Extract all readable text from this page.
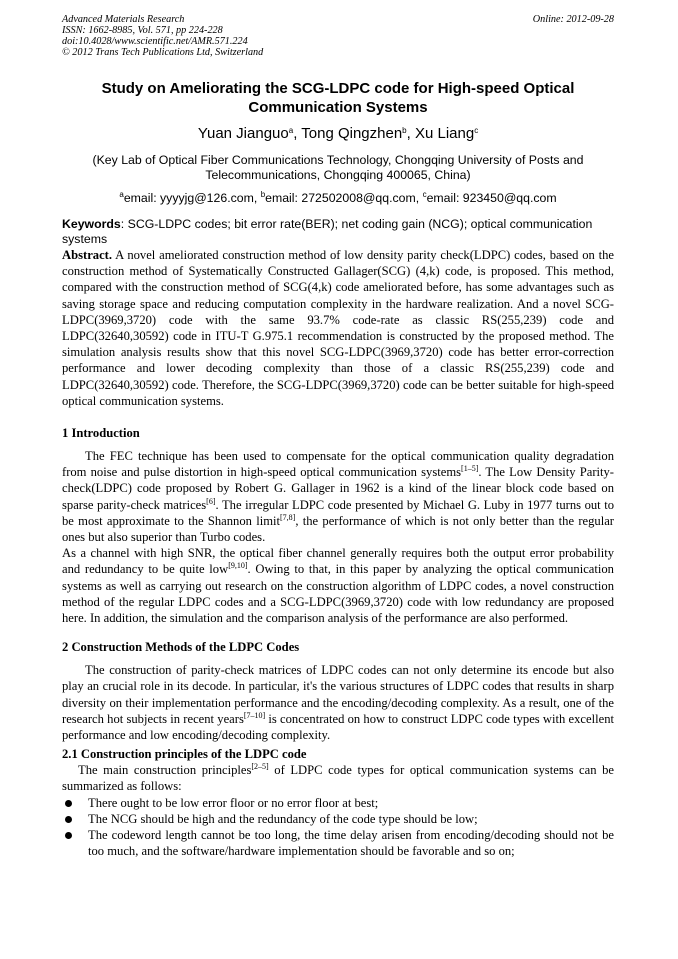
Advanced Materials Research
ISSN: 1662-8985, Vol. 571, pp 224-228
doi:10.4028/www.scientific.net/AMR.571.224
© 2012 Trans Tech Publications Ltd, Switzerland
Online: 2012-09-28
Study on Ameliorating the SCG-LDPC code for High-speed Optical
Communication Systems
Yuan Jianguo$^a$, Tong Qingzhen$^b$, Xu Liang$^c$
(Key Lab of Optical Fiber Communications Technology, Chongqing University of Posts and Telecommunications, Chongqing 400065, China)
$^a$email: yyyyjg@126.com, $^b$email: 272502008@qq.com, $^c$email: 923450@qq.com
Keywords: SCG-LDPC codes; bit error rate(BER); net coding gain (NCG); optical communication systems

Abstract. A novel ameliorated construction method of low density parity check(LDPC) codes, based on the construction method of Systematically Constructed Gallager(SCG) (4,k) code, is proposed. This method, compared with the construction method of SCG(4,k) code ameliorated before, has some advantages such as saving storage space and reducing computation complexity in the hardware realization. And a novel SCG-LDPC(3969,3720) code with the same 93.7% code-rate as classic RS(255,239) code and LDPC(32640,30592) code in ITU-T G.975.1 recommendation is constructed by the proposed method. The simulation analysis results show that this novel SCG-LDPC(3969,3720) code has better error-correction performance and lower decoding complexity than those of a classic RS(255,239) code and LDPC(32640,30592) code. Therefore, the SCG-LDPC(3969,3720) code can be better suitable for high-speed optical communication systems.

1 Introduction

The FEC technique has been used to compensate for the optical communication quality degradation from noise and pulse distortion in high-speed optical communication systems[1–5]. The Low Density Parity-check(LDPC) code proposed by Robert G. Gallager in 1962 is a kind of the linear block code based on sparse parity-check matrices[6]. The irregular LDPC code presented by Michael G. Luby in 1977 turns out to be most approximate to the Shannon limit[7,8], the performance of which is not only better than the regular ones but also superior than Turbo codes.

As a channel with high SNR, the optical fiber channel generally requires both the output error probability and redundancy to be quite low[9,10]. Owing to that, in this paper by analyzing the optical communication systems as well as carrying out research on the construction algorithm of LDPC codes, a novel construction method of the regular LDPC codes and a SCG-LDPC(3969,3720) code with low redundancy are proposed here. In addition, the simulation and the comparison analysis of the performance are also performed.

2 Construction Methods of the LDPC Codes

The construction of parity-check matrices of LDPC codes can not only determine its encode but also play an crucial role in its decode. In particular, it's the various structures of LDPC codes that results in sharp diversity on their implementation performance and the encoding/decoding complexity. As a result, one of the research hot subjects in recent years[7–10] is concentrated on how to construct LDPC code types with excellent performance and low encoding/decoding complexity.

2.1 Construction principles of the LDPC code

The main construction principles[2–5] of LDPC code types for optical communication systems can be summarized as follows:

There ought to be low error floor or no error floor at best;
The NCG should be high and the redundancy of the code type should be low;
The codeword length cannot be too long, the time delay arisen from encoding/decoding should not be too much, and the software/hardware implementation should be favorable and so on;
